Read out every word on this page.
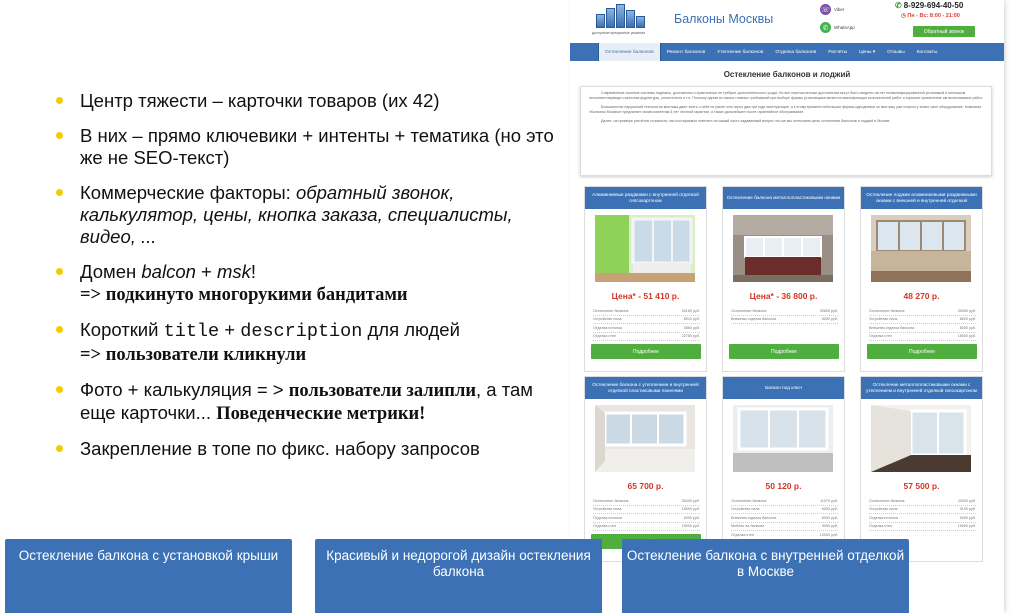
Центр тяжести – карточки товаров (их 42)
В них – прямо ключевики + интенты + тематика (но это же не SEO-текст)
Коммерческие факторы: обратный звонок, калькулятор, цены, кнопка заказа, специалисты, видео, ...
Домен balcon + msk!
=> подкинуто многорукими бандитами
Короткий title + description для людей
=> пользователи кликнули
Фото + калькуляция = > пользователи залипли, а там еще карточки... Поведенческие метрики!
Закрепление в топе по фикс. набору запросов
доступные прекрасные решения
Балконы Москвы
☏ Viber
✆	WhatsApp
✆ 8-929-694-40-50
◷ Пн - Вс: 8:00 - 21:00
Обратный звонок
Остекление балконов	Ремонт балконов	Утепление балконов	Отделка балконов	Расчёты	Цены ▾	Отзывы	Контакты
Остекление балконов и лоджий

Современные оконные системы надёжны, долговечны и практически не требуют дополнительного ухода. Но все перечисленные достоинства могут быть сведены на нет неквалифицированной установкой и монтажом несоответствующего качества фурнитуры, уплотнителя и т.п. Поэтому одним из самых главных требований при выборе фирмы установщика является квалификация исполнителей работ и хорошее применение им выполняемых работ.

Большинство нарушений технологии монтажа дают знать о себе не ранее чем через два-три года эксплуатации, а к этому времени небольшие фирмы-однодневки по монтажу уже попросту знают свое оборудование. Компания «Балконы Москвы» предлагает своим клиентам 5 лет честной гарантии, а также дальнейшее после гарантийное обслуживание.

Далее, на примере расчётов стоимости, мы постараемся ответить на самый часто задаваемый вопрос что-же мы остекляем цены остекления балконов и лоджий в Москве.

Алюминиевые раздвижки с внутренней отделкой гипсокартоном
Цена* - 51 410 р.
Остекление балкона	20160 руб.
Устройство пола	8910 руб.
Отделка потолка	3860 руб.
Отделка стен	22780 руб.
Подробнее
Остекление балкона металлопластиковыми окнами
Цена* - 36 800 р.
Остекление балкона	30800 руб.
Внешняя отделка балкона	6000 руб.
Подробнее
Остекление лоджии алюминиевыми раздвижными окнами с внешней и внутренней отделкой
48 270 р.
Остекление балкона	20060 руб.
Устройство пола	8600 руб.
Внешняя отделка балкона	6000 руб.
Отделка стен	18000 руб.
Подробнее
Остекление балкона с утеплением и внутренней отделкой пластиковыми панелями
65 700 р.
Остекление балкона	26400 руб.
Устройство пола	18000 руб.
Отделка потолка	6300 руб.
Отделка стен	19000 руб.
Балкон под ключ
50 120 р.
Остекление балкона	11070 руб.
Устройство пола	6000 руб.
Внешняя отделка балкона	8300 руб.
Мебель на балконе	9050 руб.
Отделка стен	12000 руб.
Остекление металлопластиковыми окнами с утеплением и внутренней отделкой гипсокартоном
57 500 р.
Остекление балкона	22090 руб.
Устройство пола	9190 руб.
Отделка потолка	5400 руб.
Отделка стен	19000 руб.
Остекление балкона с установкой крыши	Красивый и недорогой дизайн остекления балкона
Остекление балкона с внутренней отделкой в Москве
